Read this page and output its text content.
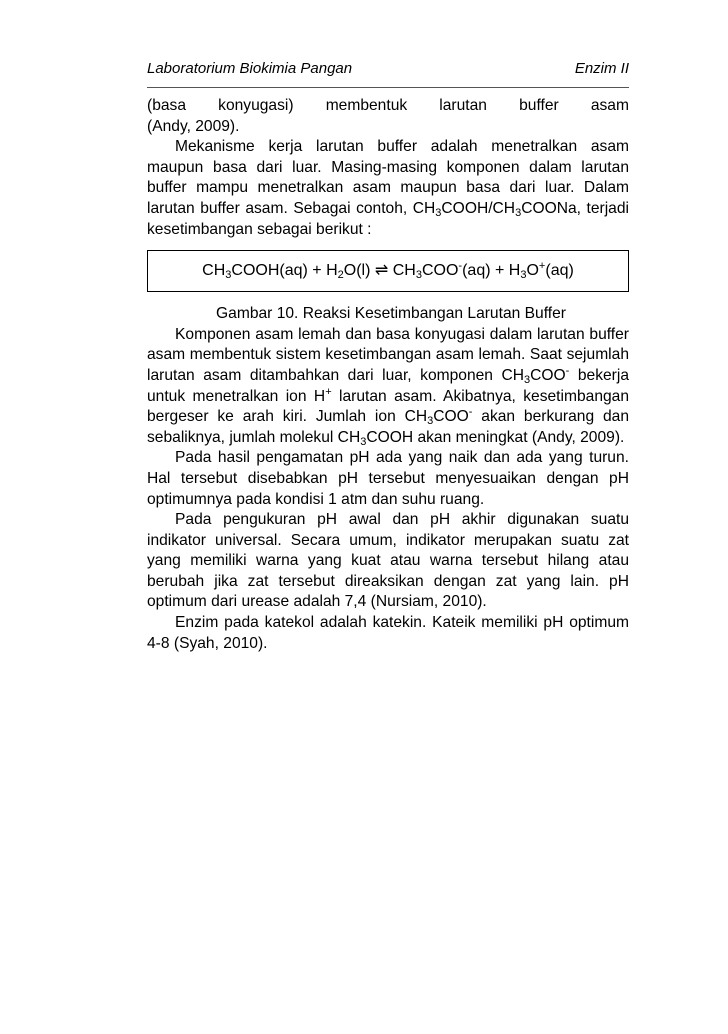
Laboratorium Biokimia Pangan	Enzim II

(basa konyugasi) membentuk larutan buffer asam

(Andy, 2009).

Mekanisme kerja larutan buffer adalah menetralkan asam maupun basa dari luar. Masing-masing komponen dalam larutan buffer mampu menetralkan asam maupun basa dari luar. Dalam larutan buffer asam. Sebagai contoh, $CH_3COOH/CH_3COONa$, terjadi kesetimbangan sebagai berikut :

$CH_3COOH(aq) + H_2O(l)$ ⇌ $CH_3COO^-(aq) + H_3O^+(aq)$

Gambar 10. Reaksi Kesetimbangan Larutan Buffer

Komponen asam lemah dan basa konyugasi dalam larutan buffer asam membentuk sistem kesetimbangan asam lemah. Saat sejumlah larutan asam ditambahkan dari luar, komponen $CH_3COO^-$ bekerja untuk menetralkan ion H+ larutan asam. Akibatnya, kesetimbangan bergeser ke arah kiri. Jumlah ion $CH_3COO^-$ akan berkurang dan sebaliknya, jumlah molekul $CH_3COOH$ akan meningkat (Andy, 2009).

Pada hasil pengamatan pH ada yang naik dan ada yang turun. Hal tersebut disebabkan pH tersebut menyesuaikan dengan pH optimumnya pada kondisi 1 atm dan suhu ruang.

Pada pengukuran pH awal dan pH akhir digunakan suatu indikator universal. Secara umum, indikator merupakan suatu zat yang memiliki warna yang kuat atau warna tersebut hilang atau berubah jika zat tersebut direaksikan dengan zat yang lain. pH optimum dari urease adalah 7,4 (Nursiam, 2010).

Enzim pada katekol adalah katekin. Kateik memiliki pH optimum 4-8 (Syah, 2010).
